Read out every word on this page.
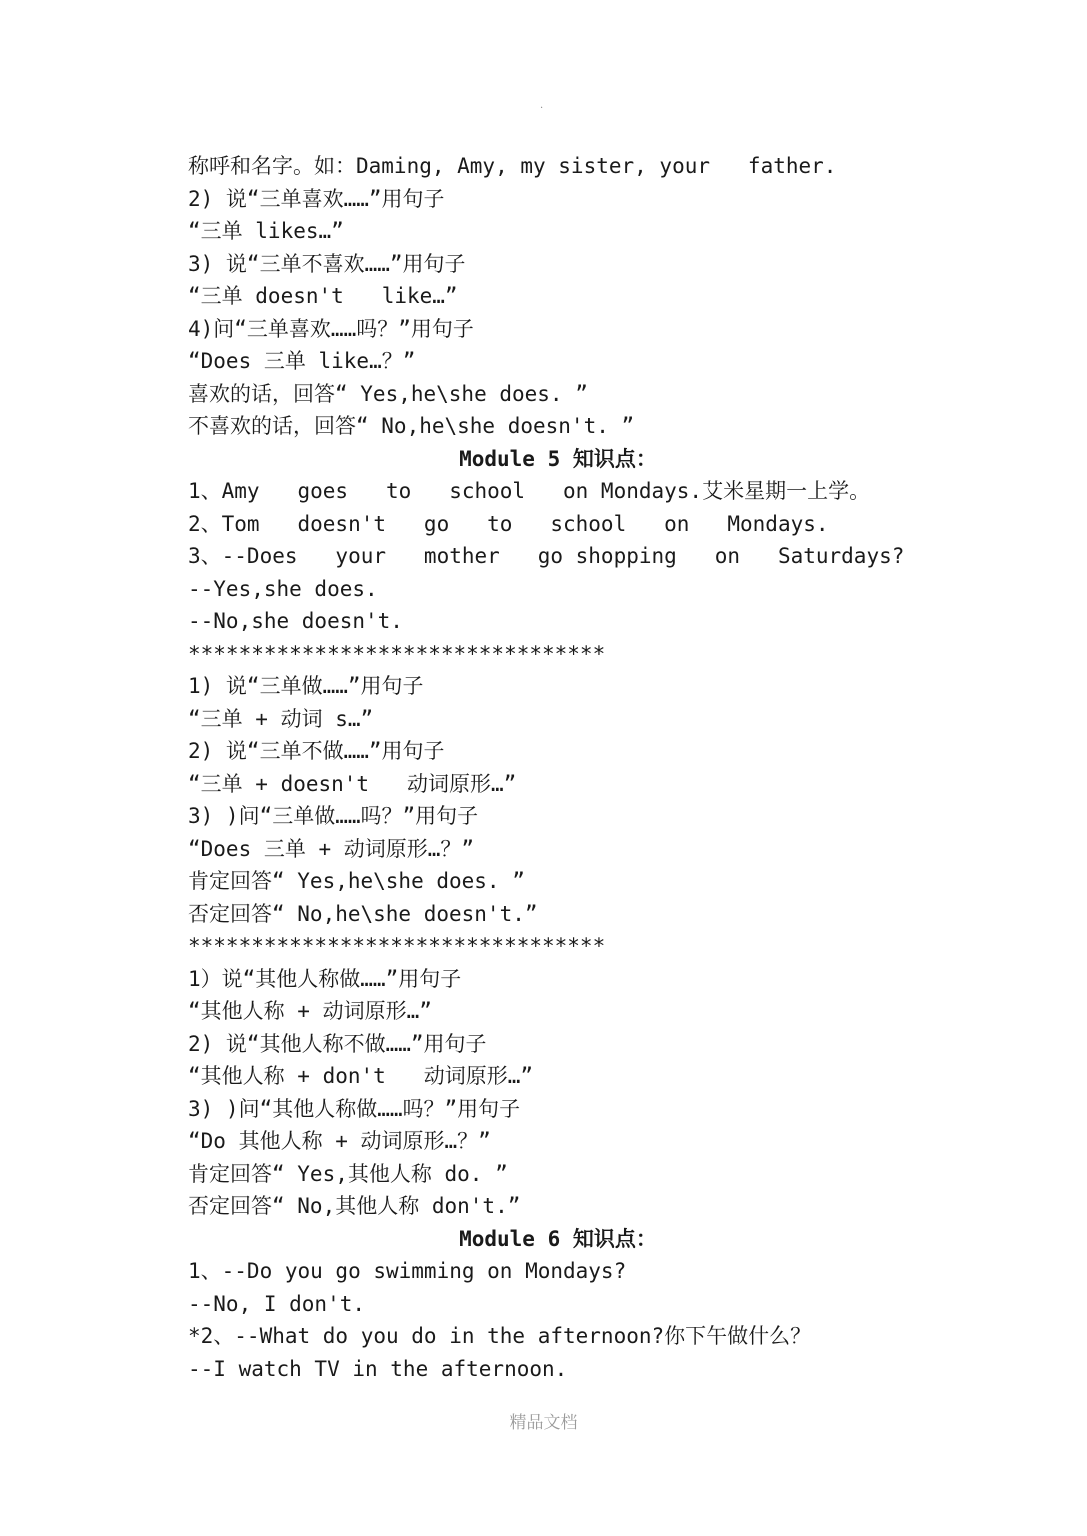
.
称呼和名字。如：Daming, Amy, my sister, your   father.
2) 说“三单喜欢……”用句子
“三单 likes…”
3) 说“三单不喜欢……”用句子
“三单 doesn't   like…”
4)问“三单喜欢……吗？”用句子
“Does 三单 like…？”
喜欢的话，回答“ Yes,he\she does. ”
不喜欢的话，回答“ No,he\she doesn't. ”
Module 5 知识点：
1、Amy   goes   to   school   on Mondays.艾米星期一上学。
2、Tom   doesn't   go   to   school   on   Mondays.
3、--Does   your   mother   go shopping   on   Saturdays?
--Yes,she does.
--No,she doesn't.
*********************************
1) 说“三单做……”用句子
“三单 + 动词 s…”
2) 说“三单不做……”用句子
“三单 + doesn't   动词原形…”
3) )问“三单做……吗？”用句子
“Does 三单 + 动词原形…？”
肯定回答“ Yes,he\she does. ”
否定回答“ No,he\she doesn't.”
*********************************
1）说“其他人称做……”用句子
“其他人称 + 动词原形…”
2) 说“其他人称不做……”用句子
“其他人称 + don't   动词原形…”
3) )问“其他人称做……吗？”用句子
“Do 其他人称 + 动词原形…？”
肯定回答“ Yes,其他人称 do. ”
否定回答“ No,其他人称 don't.”
Module 6 知识点：
1、--Do you go swimming on Mondays?
--No, I don't.
*2、--What do you do in the afternoon?你下午做什么？
--I watch TV in the afternoon.
精品文档
